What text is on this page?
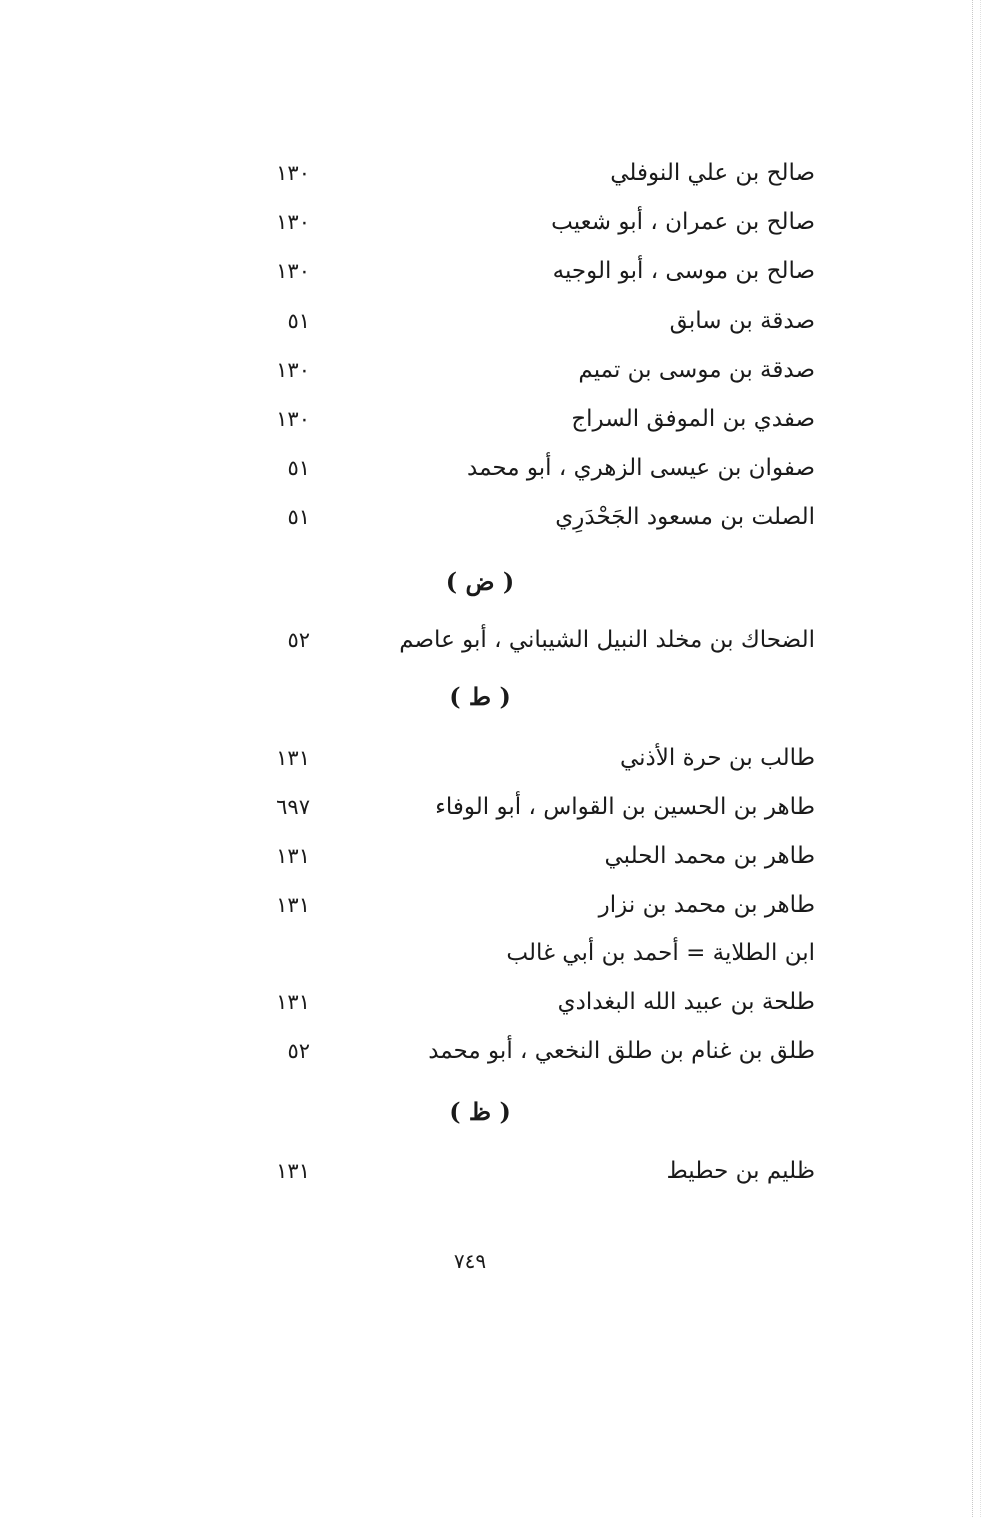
صالح بن علي النوفلي
١٣٠
صالح بن عمران ، أبو شعيب
١٣٠
صالح بن موسى ، أبو الوجيه
١٣٠
صدقة بن سابق
٥١
صدقة بن موسى بن تميم
١٣٠
صفدي بن الموفق السراج
١٣٠
صفوان بن عيسى الزهري ، أبو محمد
٥١
الصلت بن مسعود الجَحْدَرِي
٥١
( ض )
الضحاك بن مخلد النبيل الشيباني ، أبو عاصم
٥٢
( ط )
طالب بن حرة الأذني
١٣١
طاهر بن الحسين بن القواس ، أبو الوفاء
٦٩٧
طاهر بن محمد الحلبي
١٣١
طاهر بن محمد بن نزار
١٣١
ابن الطلاية = أحمد بن أبي غالب
طلحة بن عبيد الله البغدادي
١٣١
طلق بن غنام بن طلق النخعي ، أبو محمد
٥٢
( ظ )
ظليم بن حطيط
١٣١
٧٤٩
